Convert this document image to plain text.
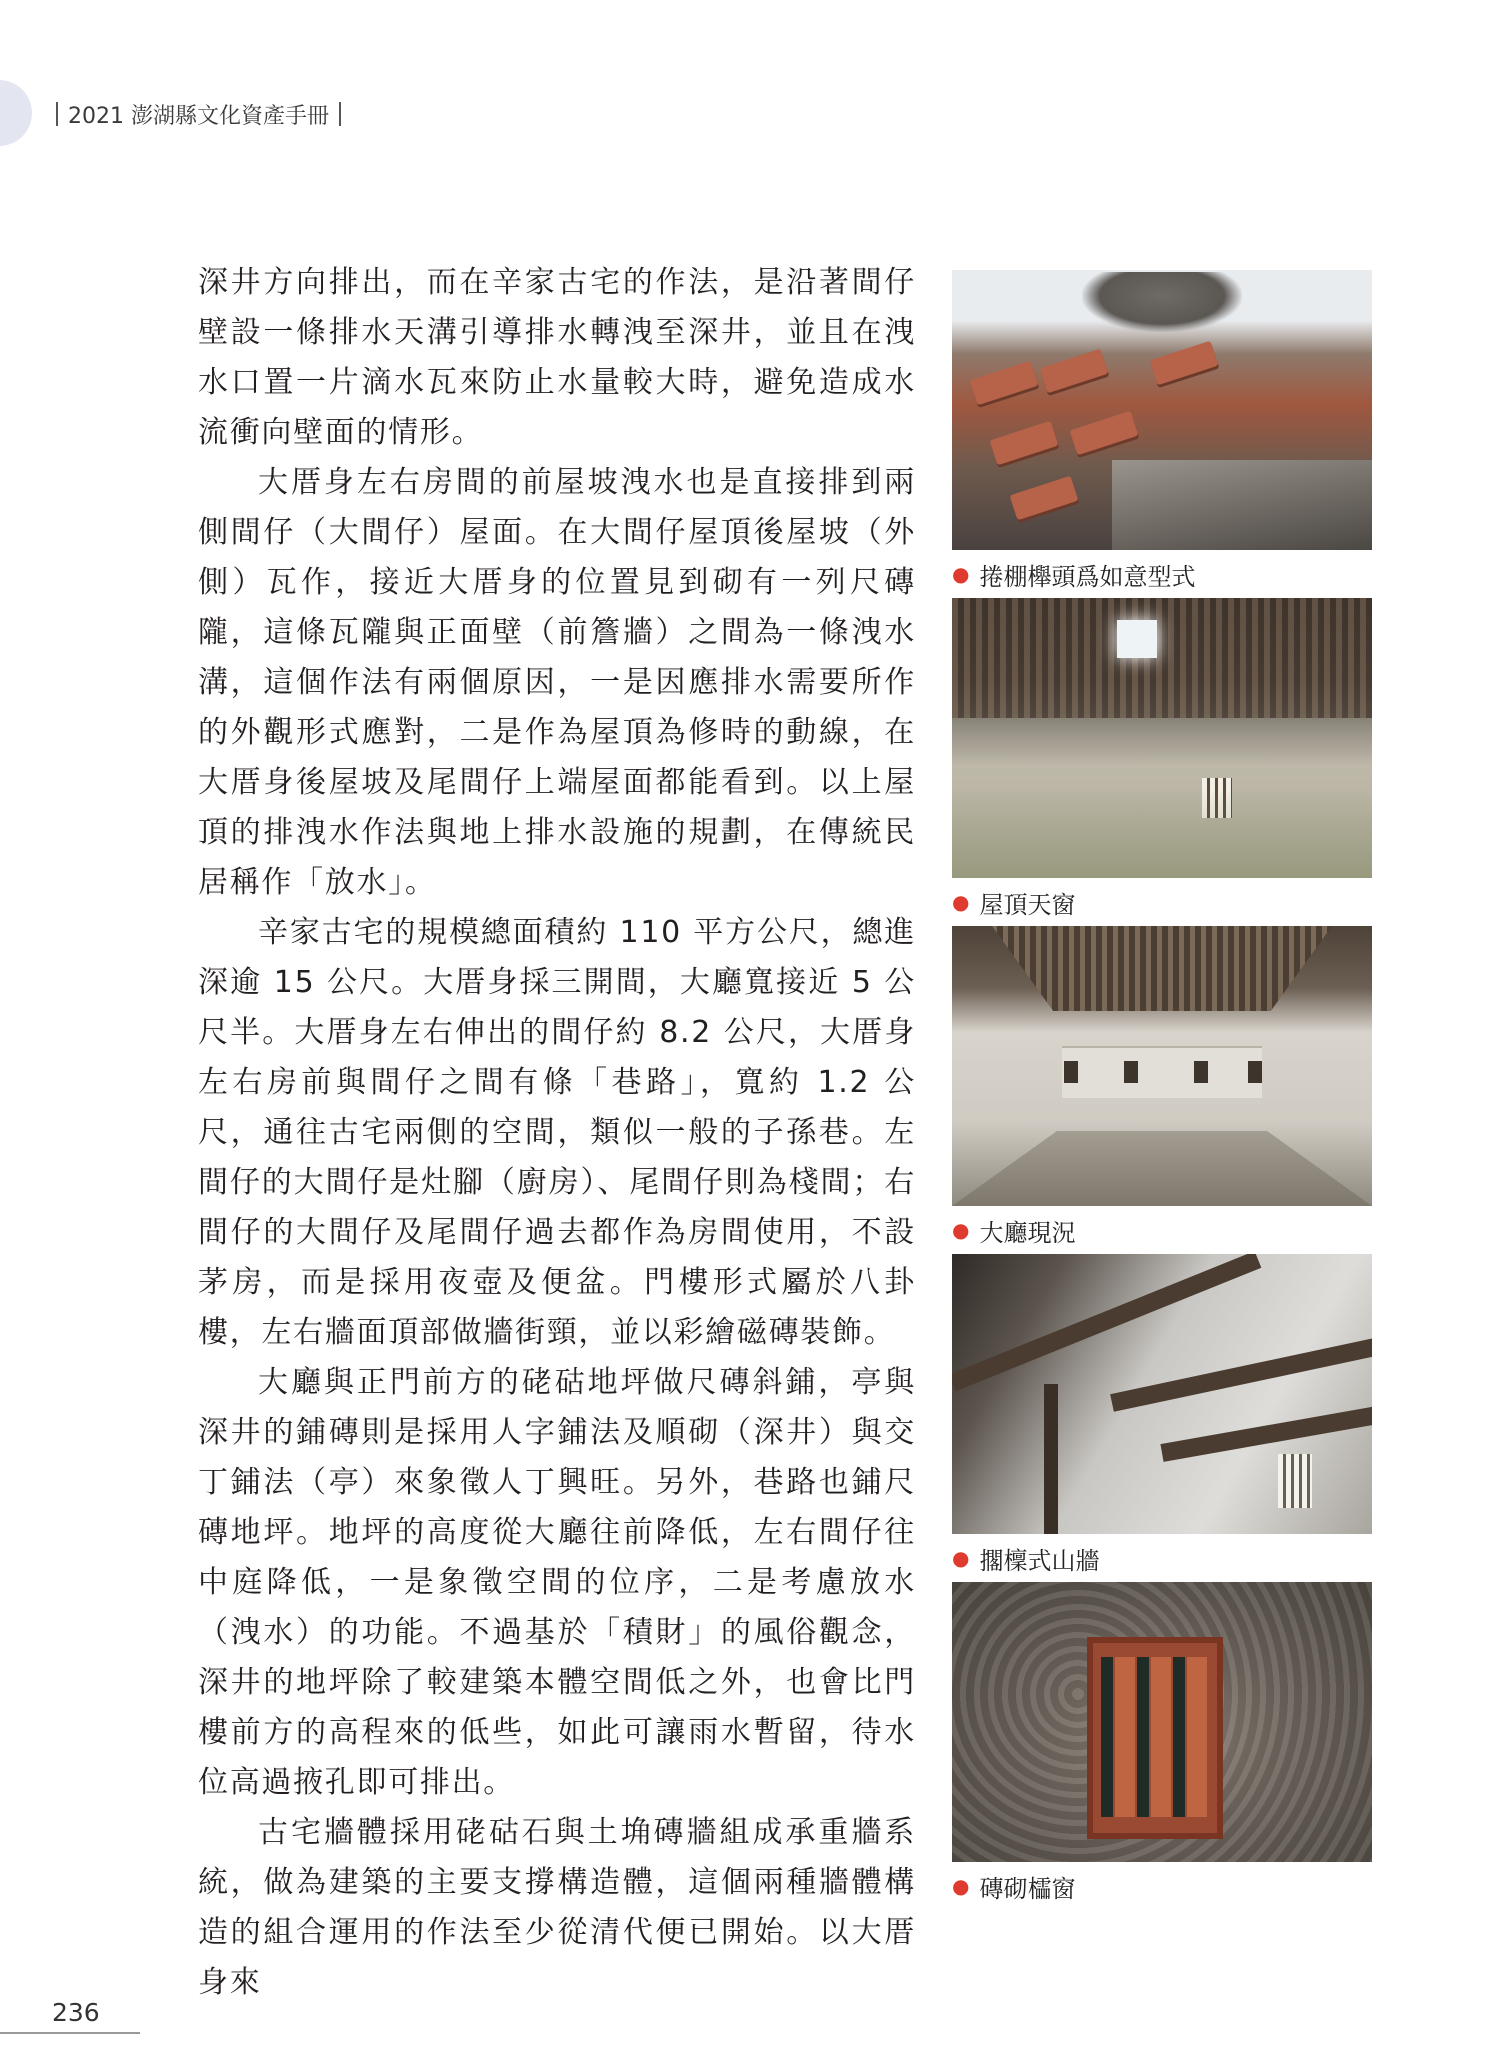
2021 澎湖縣文化資產手冊

深井方向排出，而在辛家古宅的作法，是沿著間仔壁設一條排水天溝引導排水轉洩至深井，並且在洩水口置一片滴水瓦來防止水量較大時，避免造成水流衝向壁面的情形。

大厝身左右房間的前屋坡洩水也是直接排到兩側間仔（大間仔）屋面。在大間仔屋頂後屋坡（外側）瓦作，接近大厝身的位置見到砌有一列尺磚隴，這條瓦隴與正面壁（前簷牆）之間為一條洩水溝，這個作法有兩個原因，一是因應排水需要所作的外觀形式應對，二是作為屋頂為修時的動線，在大厝身後屋坡及尾間仔上端屋面都能看到。以上屋頂的排洩水作法與地上排水設施的規劃，在傳統民居稱作「放水」。

辛家古宅的規模總面積約 110 平方公尺，總進深逾 15 公尺。大厝身採三開間，大廳寬接近 5 公尺半。大厝身左右伸出的間仔約 8.2 公尺，大厝身左右房前與間仔之間有條「巷路」，寬約 1.2 公尺，通往古宅兩側的空間，類似一般的子孫巷。左間仔的大間仔是灶腳（廚房）、尾間仔則為棧間；右間仔的大間仔及尾間仔過去都作為房間使用，不設茅房，而是採用夜壺及便盆。門樓形式屬於八卦樓，左右牆面頂部做牆街頸，並以彩繪磁磚裝飾。

大廳與正門前方的硓𥑮地坪做尺磚斜鋪，亭與深井的鋪磚則是採用人字鋪法及順砌（深井）與交丁鋪法（亭）來象徵人丁興旺。另外，巷路也鋪尺磚地坪。地坪的高度從大廳往前降低，左右間仔往中庭降低，一是象徵空間的位序，二是考慮放水（洩水）的功能。不過基於「積財」的風俗觀念，深井的地坪除了較建築本體空間低之外，也會比門樓前方的高程來的低些，如此可讓雨水暫留，待水位高過掖孔即可排出。

古宅牆體採用硓𥑮石與土埆磚牆組成承重牆系統，做為建築的主要支撐構造體，這個兩種牆體構造的組合運用的作法至少從清代便已開始。以大厝身來

● 捲棚櫸頭爲如意型式
● 屋頂天窗
● 大廳現況
● 擱檁式山牆
● 磚砌櫺窗
236
